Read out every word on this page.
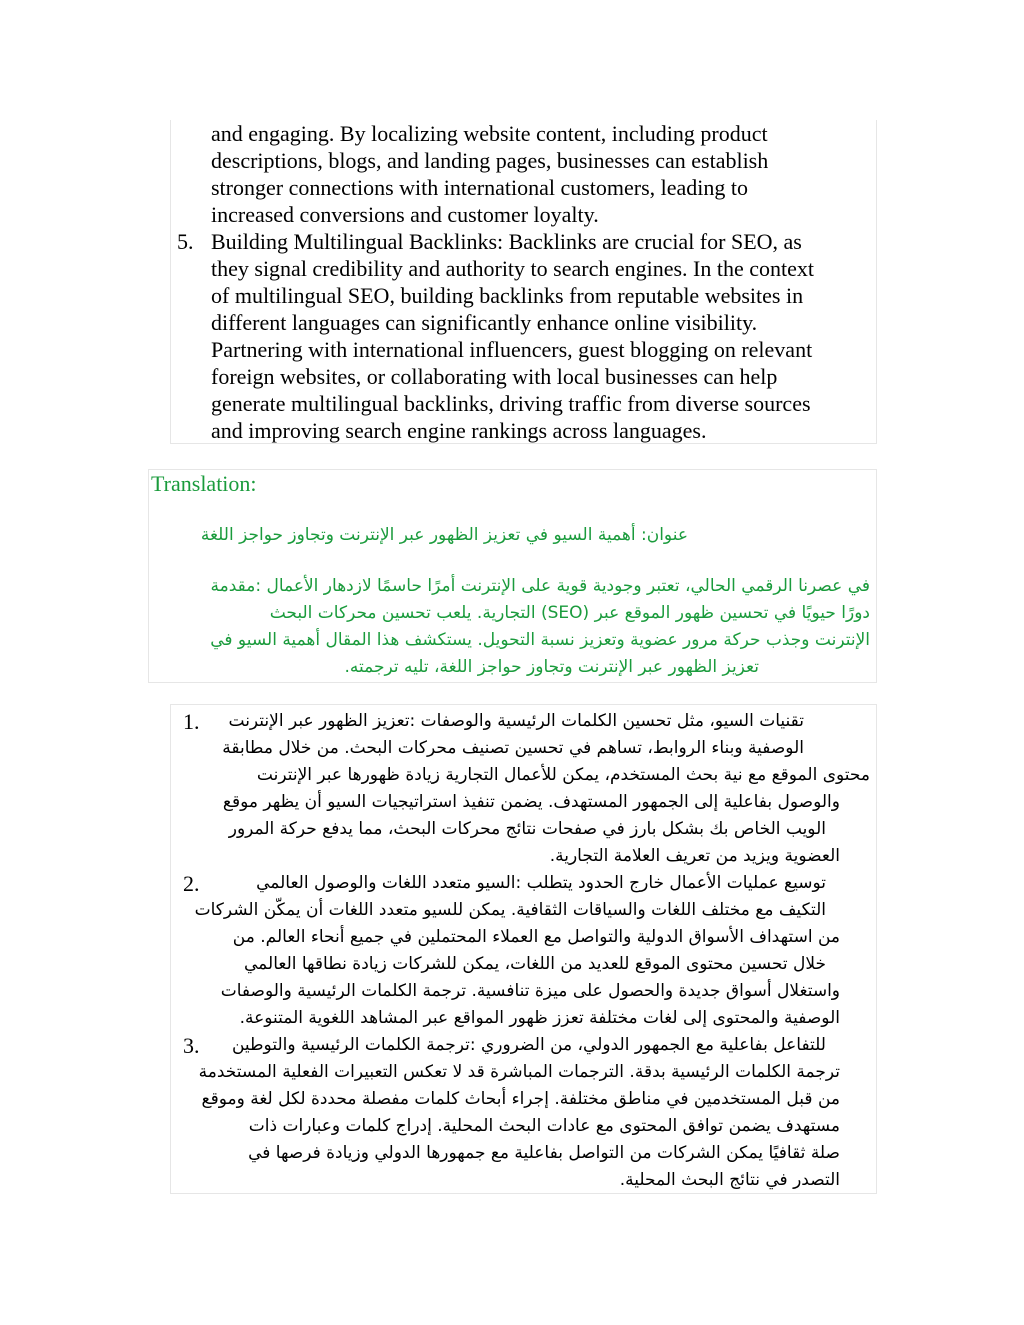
and engaging. By localizing website content, including product
descriptions, blogs, and landing pages, businesses can establish
stronger connections with international customers, leading to
increased conversions and customer loyalty.
5. Building Multilingual Backlinks: Backlinks are crucial for SEO, as
they signal credibility and authority to search engines. In the context
of multilingual SEO, building backlinks from reputable websites in
different languages can significantly enhance online visibility.
Partnering with international influencers, guest blogging on relevant
foreign websites, or collaborating with local businesses can help
generate multilingual backlinks, driving traffic from diverse sources
and improving search engine rankings across languages.
Translation:
عنوان: أهمية السيو في تعزيز الظهور عبر الإنترنت وتجاوز حواجز اللغة
في عصرنا الرقمي الحالي، تعتبر وجودية قوية على الإنترنت أمرًا حاسمًا لازدهار الأعمال :مقدمة
دورًا حيويًا في تحسين ظهور الموقع عبر (SEO) التجارية. يلعب تحسين محركات البحث
الإنترنت وجذب حركة مرور عضوية وتعزيز نسبة التحويل. يستكشف هذا المقال أهمية السيو في
تعزيز الظهور عبر الإنترنت وتجاوز حواجز اللغة، تليه ترجمته.
1. تقنيات السيو، مثل تحسين الكلمات الرئيسية والوصفات :تعزيز الظهور عبر الإنترنت
الوصفية وبناء الروابط، تساهم في تحسين تصنيف محركات البحث. من خلال مطابقة
محتوى الموقع مع نية بحث المستخدم، يمكن للأعمال التجارية زيادة ظهورها عبر الإنترنت
والوصول بفاعلية إلى الجمهور المستهدف. يضمن تنفيذ استراتيجيات السيو أن يظهر موقع
الويب الخاص بك بشكل بارز في صفحات نتائج محركات البحث، مما يدفع حركة المرور
العضوية ويزيد من تعريف العلامة التجارية.
2.	توسيع عمليات الأعمال خارج الحدود يتطلب :السيو متعدد اللغات والوصول العالمي
التكيف مع مختلف اللغات والسياقات الثقافية. يمكن للسيو متعدد اللغات أن يمكّن الشركات
من استهداف الأسواق الدولية والتواصل مع العملاء المحتملين في جميع أنحاء العالم. من
خلال تحسين محتوى الموقع للعديد من اللغات، يمكن للشركات زيادة نطاقها العالمي
واستغلال أسواق جديدة والحصول على ميزة تنافسية. ترجمة الكلمات الرئيسية والوصفات
الوصفية والمحتوى إلى لغات مختلفة تعزز ظهور المواقع عبر المشاهد اللغوية المتنوعة.
3. للتفاعل بفاعلية مع الجمهور الدولي، من الضروري :ترجمة الكلمات الرئيسية والتوطين
ترجمة الكلمات الرئيسية بدقة. الترجمات المباشرة قد لا تعكس التعبيرات الفعلية المستخدمة
من قبل المستخدمين في مناطق مختلفة. إجراء أبحاث كلمات مفصلة محددة لكل لغة وموقع
مستهدف يضمن توافق المحتوى مع عادات البحث المحلية. إدراج كلمات وعبارات ذات
صلة ثقافيًا يمكن الشركات من التواصل بفاعلية مع جمهورها الدولي وزيادة فرصها في
التصدر في نتائج البحث المحلية.
